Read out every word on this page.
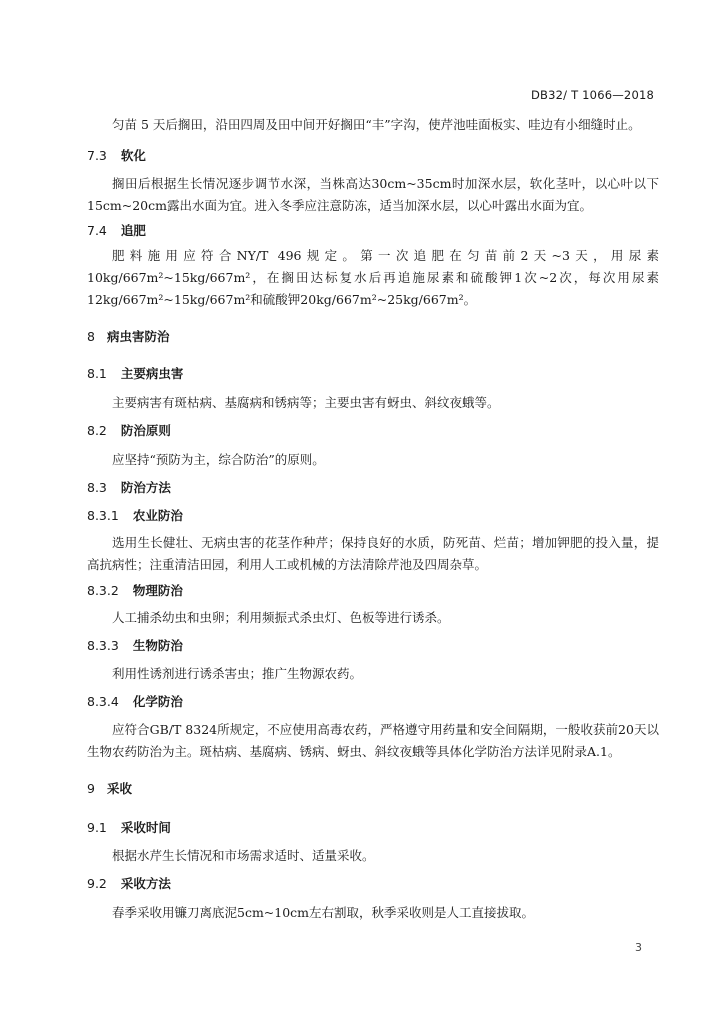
DB32/ T 1066—2018
匀苗 5 天后搁田，沿田四周及田中间开好搁田“丰”字沟，使芹池哇面板实、哇边有小细缝时止。
7.3 软化
搁田后根据生长情况逐步调节水深，当株高达30cm~35cm时加深水层，软化茎叶，以心叶以下15cm~20cm露出水面为宜。进入冬季应注意防冻，适当加深水层，以心叶露出水面为宜。
7.4 追肥
肥料施用应符合NY/T 496规定。第一次追肥在匀苗前2天~3天，用尿素10kg/667m²~15kg/667m²，在搁田达标复水后再追施尿素和硫酸钾1次~2次，每次用尿素12kg/667m²~15kg/667m²和硫酸钾20kg/667m²~25kg/667m²。
8 病虫害防治
8.1 主要病虫害
主要病害有斑枯病、基腐病和锈病等；主要虫害有蚜虫、斜纹夜蛾等。
8.2 防治原则
应坚持“预防为主，综合防治”的原则。
8.3 防治方法
8.3.1 农业防治
选用生长健壮、无病虫害的花茎作种芹；保持良好的水质，防死苗、烂苗；增加钾肥的投入量，提高抗病性；注重清洁田园，利用人工或机械的方法清除芹池及四周杂草。
8.3.2 物理防治
人工捕杀幼虫和虫卵；利用频振式杀虫灯、色板等进行诱杀。
8.3.3 生物防治
利用性诱剂进行诱杀害虫；推广生物源农药。
8.3.4 化学防治
应符合GB/T 8324所规定，不应使用高毒农药，严格遵守用药量和安全间隔期，一般收获前20天以生物农药防治为主。斑枯病、基腐病、锈病、蚜虫、斜纹夜蛾等具体化学防治方法详见附录A.1。
9 采收
9.1 采收时间
根据水芹生长情况和市场需求适时、适量采收。
9.2 采收方法
春季采收用镰刀离底泥5cm~10cm左右割取，秋季采收则是人工直接拔取。
3
